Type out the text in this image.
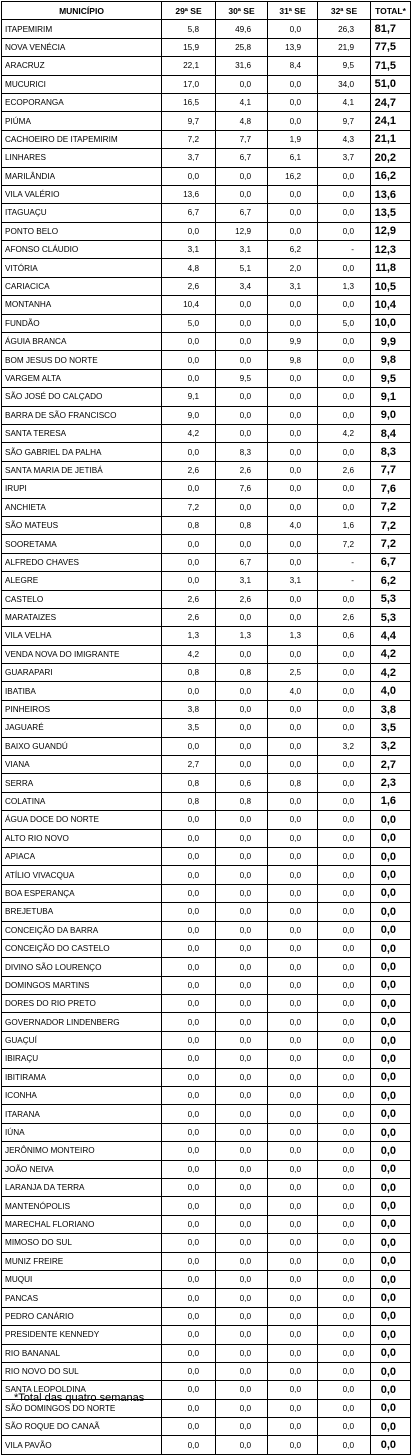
MUNICÍPIO	29ª SE	30ª SE	31ª SE	32ª SE	TOTAL*
ITAPEMIRIM	5,8	49,6	0,0	26,3	81,7
NOVA VENÉCIA	15,9	25,8	13,9	21,9	77,5
ARACRUZ	22,1	31,6	8,4	9,5	71,5
MUCURICI	17,0	0,0	0,0	34,0	51,0
ECOPORANGA	16,5	4,1	0,0	4,1	24,7
PIÚMA	9,7	4,8	0,0	9,7	24,1
CACHOEIRO DE ITAPEMIRIM	7,2	7,7	1,9	4,3	21,1
LINHARES	3,7	6,7	6,1	3,7	20,2
MARILÂNDIA	0,0	0,0	16,2	0,0	16,2
VILA VALÉRIO	13,6	0,0	0,0	0,0	13,6
ITAGUAÇU	6,7	6,7	0,0	0,0	13,5
PONTO BELO	0,0	12,9	0,0	0,0	12,9
AFONSO CLÁUDIO	3,1	3,1	6,2	-	12,3
VITÓRIA	4,8	5,1	2,0	0,0	11,8
CARIACICA	2,6	3,4	3,1	1,3	10,5
MONTANHA	10,4	0,0	0,0	0,0	10,4
FUNDÃO	5,0	0,0	0,0	5,0	10,0
ÁGUIA BRANCA	0,0	0,0	9,9	0,0	9,9
BOM JESUS DO NORTE	0,0	0,0	9,8	0,0	9,8
VARGEM ALTA	0,0	9,5	0,0	0,0	9,5
SÃO JOSÉ DO CALÇADO	9,1	0,0	0,0	0,0	9,1
BARRA DE SÃO FRANCISCO	9,0	0,0	0,0	0,0	9,0
SANTA TERESA	4,2	0,0	0,0	4,2	8,4
SÃO GABRIEL DA PALHA	0,0	8,3	0,0	0,0	8,3
SANTA MARIA DE JETIBÁ	2,6	2,6	0,0	2,6	7,7
IRUPI	0,0	7,6	0,0	0,0	7,6
ANCHIETA	7,2	0,0	0,0	0,0	7,2
SÃO MATEUS	0,8	0,8	4,0	1,6	7,2
SOORETAMA	0,0	0,0	0,0	7,2	7,2
ALFREDO CHAVES	0,0	6,7	0,0	-	6,7
ALEGRE	0,0	3,1	3,1	-	6,2
CASTELO	2,6	2,6	0,0	0,0	5,3
MARATAIZES	2,6	0,0	0,0	2,6	5,3
VILA VELHA	1,3	1,3	1,3	0,6	4,4
VENDA NOVA DO IMIGRANTE	4,2	0,0	0,0	0,0	4,2
GUARAPARI	0,8	0,8	2,5	0,0	4,2
IBATIBA	0,0	0,0	4,0	0,0	4,0
PINHEIROS	3,8	0,0	0,0	0,0	3,8
JAGUARÉ	3,5	0,0	0,0	0,0	3,5
BAIXO GUANDÚ	0,0	0,0	0,0	3,2	3,2
VIANA	2,7	0,0	0,0	0,0	2,7
SERRA	0,8	0,6	0,8	0,0	2,3
COLATINA	0,8	0,8	0,0	0,0	1,6
ÁGUA DOCE DO NORTE	0,0	0,0	0,0	0,0	0,0
ALTO RIO NOVO	0,0	0,0	0,0	0,0	0,0
APIACA	0,0	0,0	0,0	0,0	0,0
ATÍLIO VIVACQUA	0,0	0,0	0,0	0,0	0,0
BOA ESPERANÇA	0,0	0,0	0,0	0,0	0,0
BREJETUBA	0,0	0,0	0,0	0,0	0,0
CONCEIÇÃO DA BARRA	0,0	0,0	0,0	0,0	0,0
CONCEIÇÃO DO CASTELO	0,0	0,0	0,0	0,0	0,0
DIVINO SÃO LOURENÇO	0,0	0,0	0,0	0,0	0,0
DOMINGOS MARTINS	0,0	0,0	0,0	0,0	0,0
DORES DO RIO PRETO	0,0	0,0	0,0	0,0	0,0
GOVERNADOR LINDENBERG	0,0	0,0	0,0	0,0	0,0
GUAÇUÍ	0,0	0,0	0,0	0,0	0,0
IBIRAÇU	0,0	0,0	0,0	0,0	0,0
IBITIRAMA	0,0	0,0	0,0	0,0	0,0
ICONHA	0,0	0,0	0,0	0,0	0,0
ITARANA	0,0	0,0	0,0	0,0	0,0
IÚNA	0,0	0,0	0,0	0,0	0,0
JERÔNIMO MONTEIRO	0,0	0,0	0,0	0,0	0,0
JOÃO NEIVA	0,0	0,0	0,0	0,0	0,0
LARANJA DA TERRA	0,0	0,0	0,0	0,0	0,0
MANTENÓPOLIS	0,0	0,0	0,0	0,0	0,0
MARECHAL FLORIANO	0,0	0,0	0,0	0,0	0,0
MIMOSO DO SUL	0,0	0,0	0,0	0,0	0,0
MUNIZ FREIRE	0,0	0,0	0,0	0,0	0,0
MUQUI	0,0	0,0	0,0	0,0	0,0
PANCAS	0,0	0,0	0,0	0,0	0,0
PEDRO CANÁRIO	0,0	0,0	0,0	0,0	0,0
PRESIDENTE KENNEDY	0,0	0,0	0,0	0,0	0,0
RIO BANANAL	0,0	0,0	0,0	0,0	0,0
RIO NOVO DO SUL	0,0	0,0	0,0	0,0	0,0
SANTA LEOPOLDINA	0,0	0,0	0,0	0,0	0,0
SÃO DOMINGOS DO NORTE	0,0	0,0	0,0	0,0	0,0
SÃO ROQUE DO CANAÃ	0,0	0,0	0,0	0,0	0,0
VILA PAVÃO	0,0	0,0	0,0	0,0	0,0
*Total das quatro semanas
